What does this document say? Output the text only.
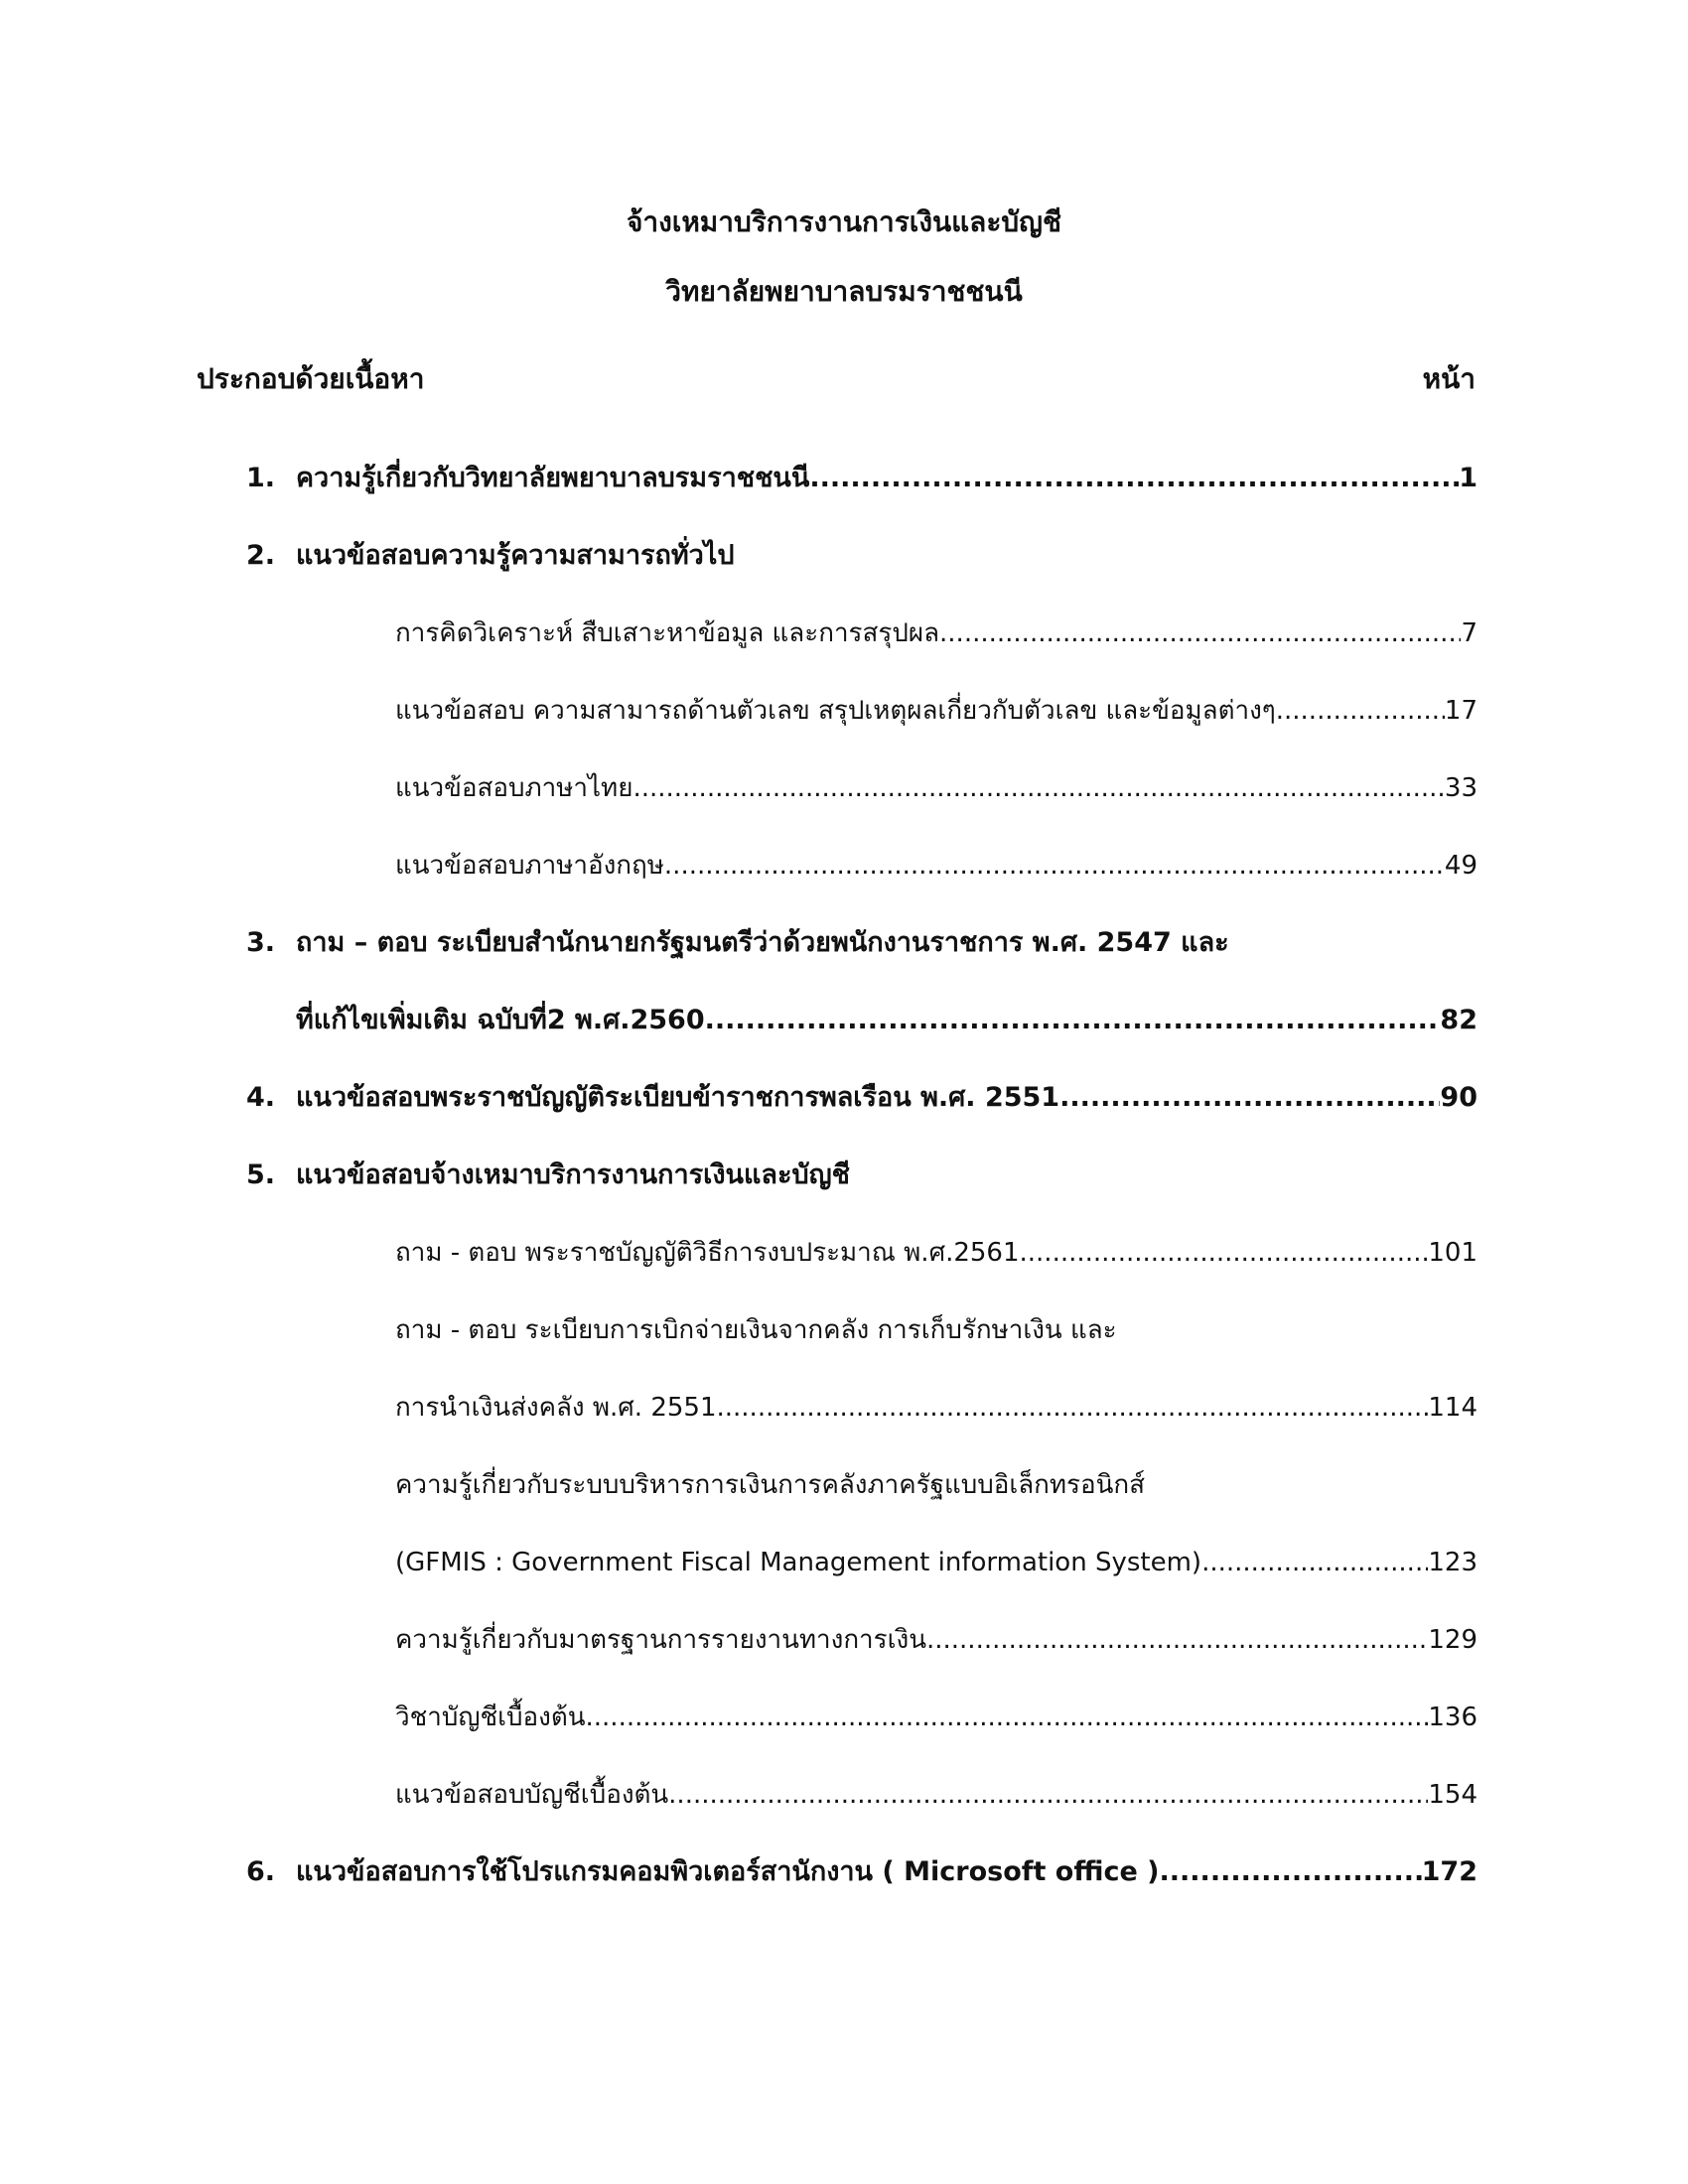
จ้างเหมาบริการงานการเงินและบัญชี
วิทยาลัยพยาบาลบรมราชชนนี
ประกอบด้วยเนื้อหา	หน้า
1. ความรู้เกี่ยวกับวิทยาลัยพยาบาลบรมราชชนนี .....	1
2. แนวข้อสอบความรู้ความสามารถทั่วไป
การคิดวิเคราะห์ สืบเสาะหาข้อมูล และการสรุปผล .....	7
แนวข้อสอบ ความสามารถด้านตัวเลข สรุปเหตุผลเกี่ยวกับตัวเลข และข้อมูลต่างๆ .....	17
แนวข้อสอบภาษาไทย .....	33
แนวข้อสอบภาษาอังกฤษ .....	49
3. ถาม – ตอบ ระเบียบสำนักนายกรัฐมนตรีว่าด้วยพนักงานราชการ พ.ศ. 2547 และ
ที่แก้ไขเพิ่มเติม ฉบับที่2 พ.ศ.2560 .....	82
4. แนวข้อสอบพระราชบัญญัติระเบียบข้าราชการพลเรือน พ.ศ. 2551 .....	90
5. แนวข้อสอบจ้างเหมาบริการงานการเงินและบัญชี
ถาม - ตอบ พระราชบัญญัติวิธีการงบประมาณ พ.ศ.2561 .....	101
ถาม - ตอบ ระเบียบการเบิกจ่ายเงินจากคลัง การเก็บรักษาเงิน และ
การนำเงินส่งคลัง พ.ศ. 2551 .....	114
ความรู้เกี่ยวกับระบบบริหารการเงินการคลังภาครัฐแบบอิเล็กทรอนิกส์
(GFMIS : Government Fiscal Management information System) .....	123
ความรู้เกี่ยวกับมาตรฐานการรายงานทางการเงิน .....	129
วิชาบัญชีเบื้องต้น .....	136
แนวข้อสอบบัญชีเบื้องต้น .....	154
6. แนวข้อสอบการใช้โปรแกรมคอมพิวเตอร์สานักงาน ( Microsoft office ) .....	172
